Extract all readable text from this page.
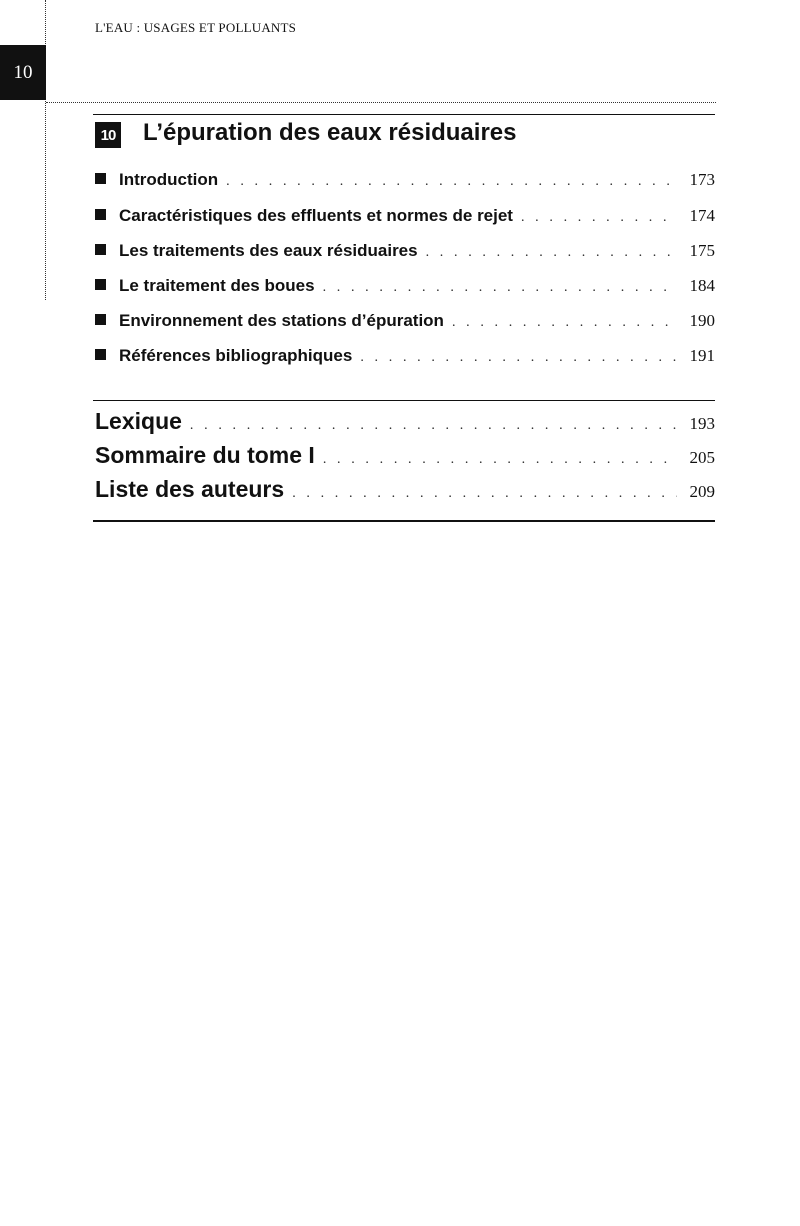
L'EAU : USAGES ET POLLUANTS
10
10 L’épuration des eaux résiduaires
Introduction . . .	173
Caractéristiques des effluents et normes de rejet . . .	174
Les traitements des eaux résiduaires . . .	175
Le traitement des boues . . .	184
Environnement des stations d’épuration . . .	190
Références bibliographiques . . .	191
Lexique . . .	193
Sommaire du tome I . . .	205
Liste des auteurs . . .	209
